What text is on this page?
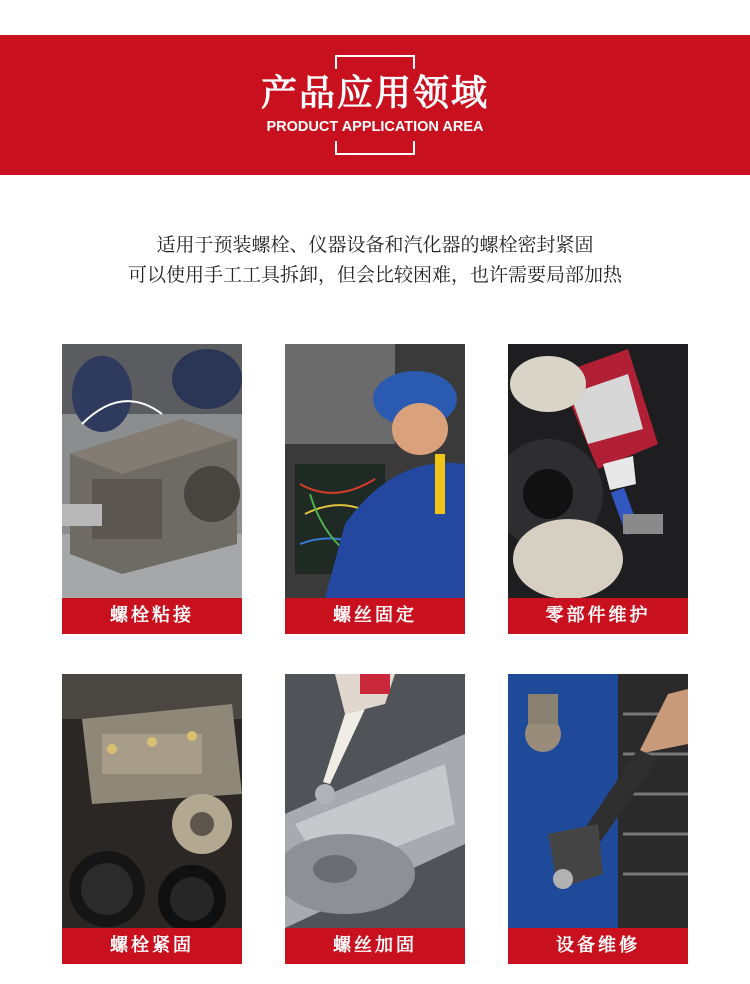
产品应用领域
PRODUCT APPLICATION AREA
适用于预装螺栓、仪器设备和汽化器的螺栓密封紧固
可以使用手工工具拆卸，但会比较困难，也许需要局部加热
螺栓粘接	螺丝固定	零部件维护
螺栓紧固	螺丝加固	设备维修
